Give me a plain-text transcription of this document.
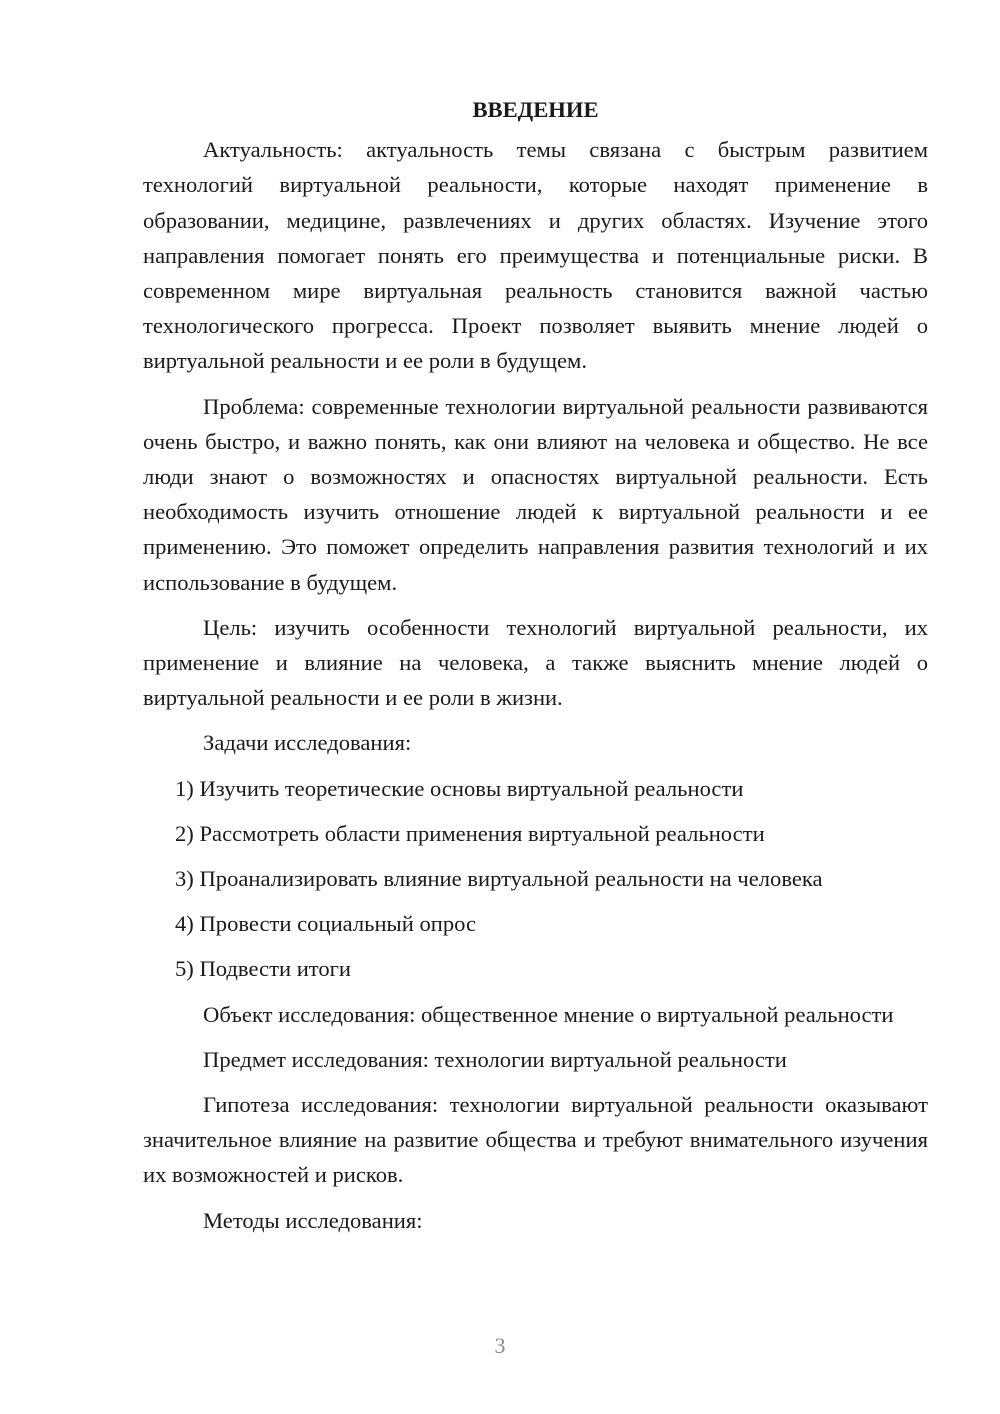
ВВЕДЕНИЕ

Актуальность: актуальность темы связана с быстрым развитием технологий виртуальной реальности, которые находят применение в образовании, медицине, развлечениях и других областях. Изучение этого направления помогает понять его преимущества и потенциальные риски. В современном мире виртуальная реальность становится важной частью технологического прогресса. Проект позволяет выявить мнение людей о виртуальной реальности и ее роли в будущем.

Проблема: современные технологии виртуальной реальности развиваются очень быстро, и важно понять, как они влияют на человека и общество. Не все люди знают о возможностях и опасностях виртуальной реальности. Есть необходимость изучить отношение людей к виртуальной реальности и ее применению. Это поможет определить направления развития технологий и их использование в будущем.

Цель: изучить особенности технологий виртуальной реальности, их применение и влияние на человека, а также выяснить мнение людей о виртуальной реальности и ее роли в жизни.

Задачи исследования:

1) Изучить теоретические основы виртуальной реальности
2) Рассмотреть области применения виртуальной реальности
3) Проанализировать влияние виртуальной реальности на человека
4) Провести социальный опрос
5) Подвести итоги

Объект исследования: общественное мнение о виртуальной реальности

Предмет исследования: технологии виртуальной реальности

Гипотеза исследования: технологии виртуальной реальности оказывают значительное влияние на развитие общества и требуют внимательного изучения их возможностей и рисков.

Методы исследования:

3
